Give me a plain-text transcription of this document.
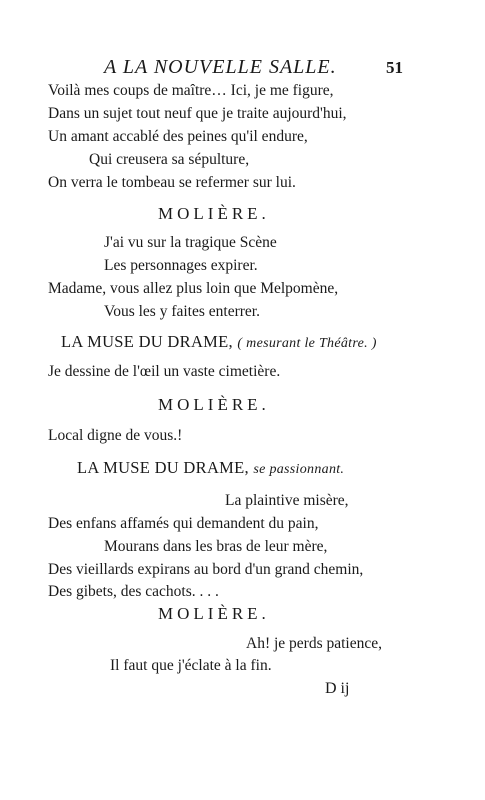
A LA NOUVELLE SALLE.	51
Voilà mes coups de maître… Ici, je me figure,
Dans un sujet tout neuf que je traite aujourd'hui,
Un amant accablé des peines qu'il endure,
Qui creusera sa sépulture,
On verra le tombeau se refermer sur lui.
MOLIÈRE.
J'ai vu sur la tragique Scène
Les personnages expirer.
Madame, vous allez plus loin que Melpomène,
Vous les y faites enterrer.
LA MUSE DU DRAME, ( mesurant le Théâtre. )
Je dessine de l'œil un vaste cimetière.
MOLIÈRE.
Local digne de vous.!
LA MUSE DU DRAME, se passionnant.
La plaintive misère,
Des enfans affamés qui demandent du pain,
Mourans dans les bras de leur mère,
Des vieillards expirans au bord d'un grand chemin,
Des gibets, des cachots. . . .
MOLIÈRE.
Ah! je perds patience,
Il faut que j'éclate à la fin.
D ij
